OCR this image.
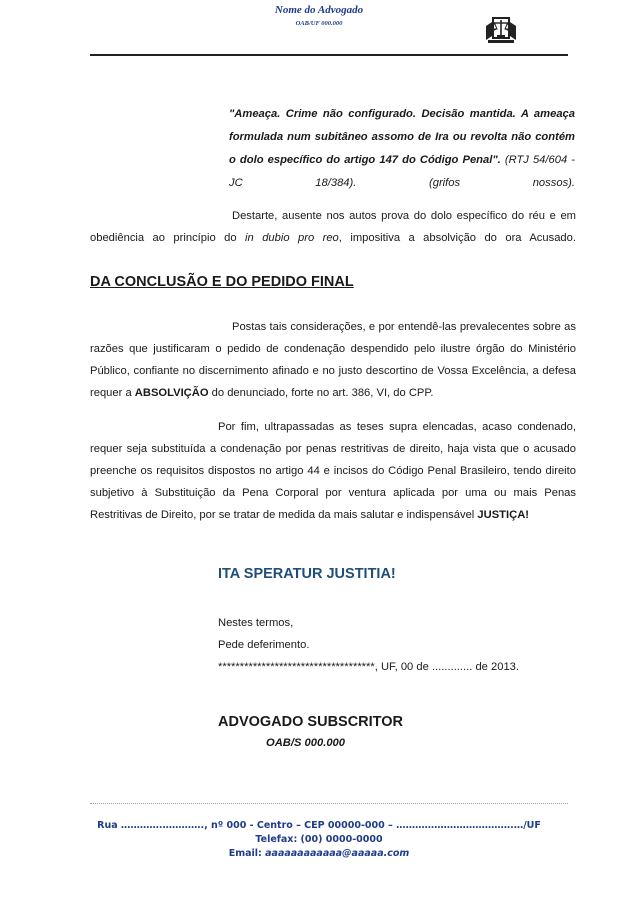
Nome do Advogado
OAB/UF 000.000
"Ameaça. Crime não configurado. Decisão mantida. A ameaça formulada num subitâneo assomo de Ira ou revolta não contém o dolo específico do artigo 147 do Código Penal". (RTJ 54/604 - JC 18/384). (grifos nossos).
Destarte, ausente nos autos prova do dolo específico do réu e em obediência ao princípio do in dubio pro reo, impositiva a absolvição do ora Acusado.
DA CONCLUSÃO E DO PEDIDO FINAL
Postas tais considerações, e por entendê-las prevalecentes sobre as razões que justificaram o pedido de condenação despendido pelo ilustre órgão do Ministério Público, confiante no discernimento afinado e no justo descortino de Vossa Excelência, a defesa requer a ABSOLVIÇÃO do denunciado, forte no art. 386, VI, do CPP.
Por fim, ultrapassadas as teses supra elencadas, acaso condenado, requer seja substituída a condenação por penas restritivas de direito, haja vista que o acusado preenche os requisitos dispostos no artigo 44 e incisos do Código Penal Brasileiro, tendo direito subjetivo à Substituição da Pena Corporal por ventura aplicada por uma ou mais Penas Restritivas de Direito, por se tratar de medida da mais salutar e indispensável JUSTIÇA!
ITA SPERATUR JUSTITIA!
Nestes termos,
Pede deferimento.
************************************, UF, 00 de ............. de 2013.
ADVOGADO SUBSCRITOR
OAB/S 000.000
Rua ………….…………., nº 000 - Centro – CEP 00000-000 – ……………………………….…/UF
Telefax: (00) 0000-0000
Email: aaaaaaaaaaaa@aaaaa.com
